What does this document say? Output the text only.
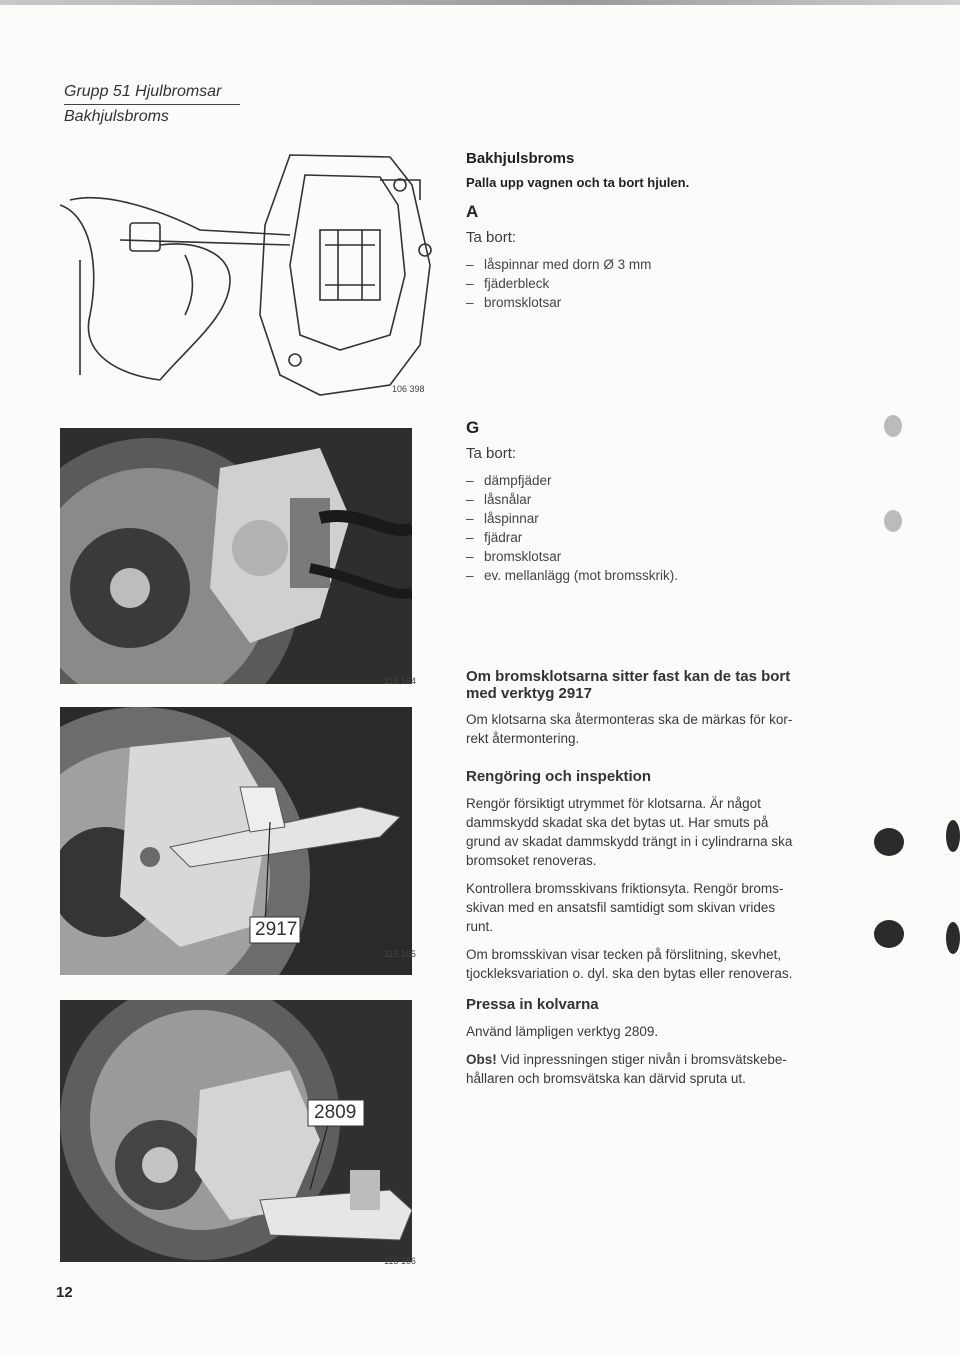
Grupp 51 Hjulbromsar
Bakhjulsbroms
106 398
115 164
2917
115 165
2809
115 166
Bakhjulsbroms
Palla upp vagnen och ta bort hjulen.
A
Ta bort:
– låspinnar med dorn Ø 3 mm
– fjäderbleck
– bromsklotsar
G
Ta bort:
– dämpfjäder
– låsnålar
– låspinnar
– fjädrar
– bromsklotsar
– ev. mellanlägg (mot bromsskrik).
Om bromsklotsarna sitter fast kan de tas bort
med verktyg 2917
Om klotsarna ska återmonteras ska de märkas för kor-
rekt återmontering.
Rengöring och inspektion
Rengör försiktigt utrymmet för klotsarna. Är något
dammskydd skadat ska det bytas ut. Har smuts på
grund av skadat dammskydd trängt in i cylindrarna ska
bromsoket renoveras.
Kontrollera bromsskivans friktionsyta. Rengör broms-
skivan med en ansatsfil samtidigt som skivan vrides
runt.
Om bromsskivan visar tecken på förslitning, skevhet,
tjockleksvariation o. dyl. ska den bytas eller renoveras.
Pressa in kolvarna
Använd lämpligen verktyg 2809.
Obs! Vid inpressningen stiger nivån i bromsvätskebe-
hållaren och bromsvätska kan därvid spruta ut.
12
